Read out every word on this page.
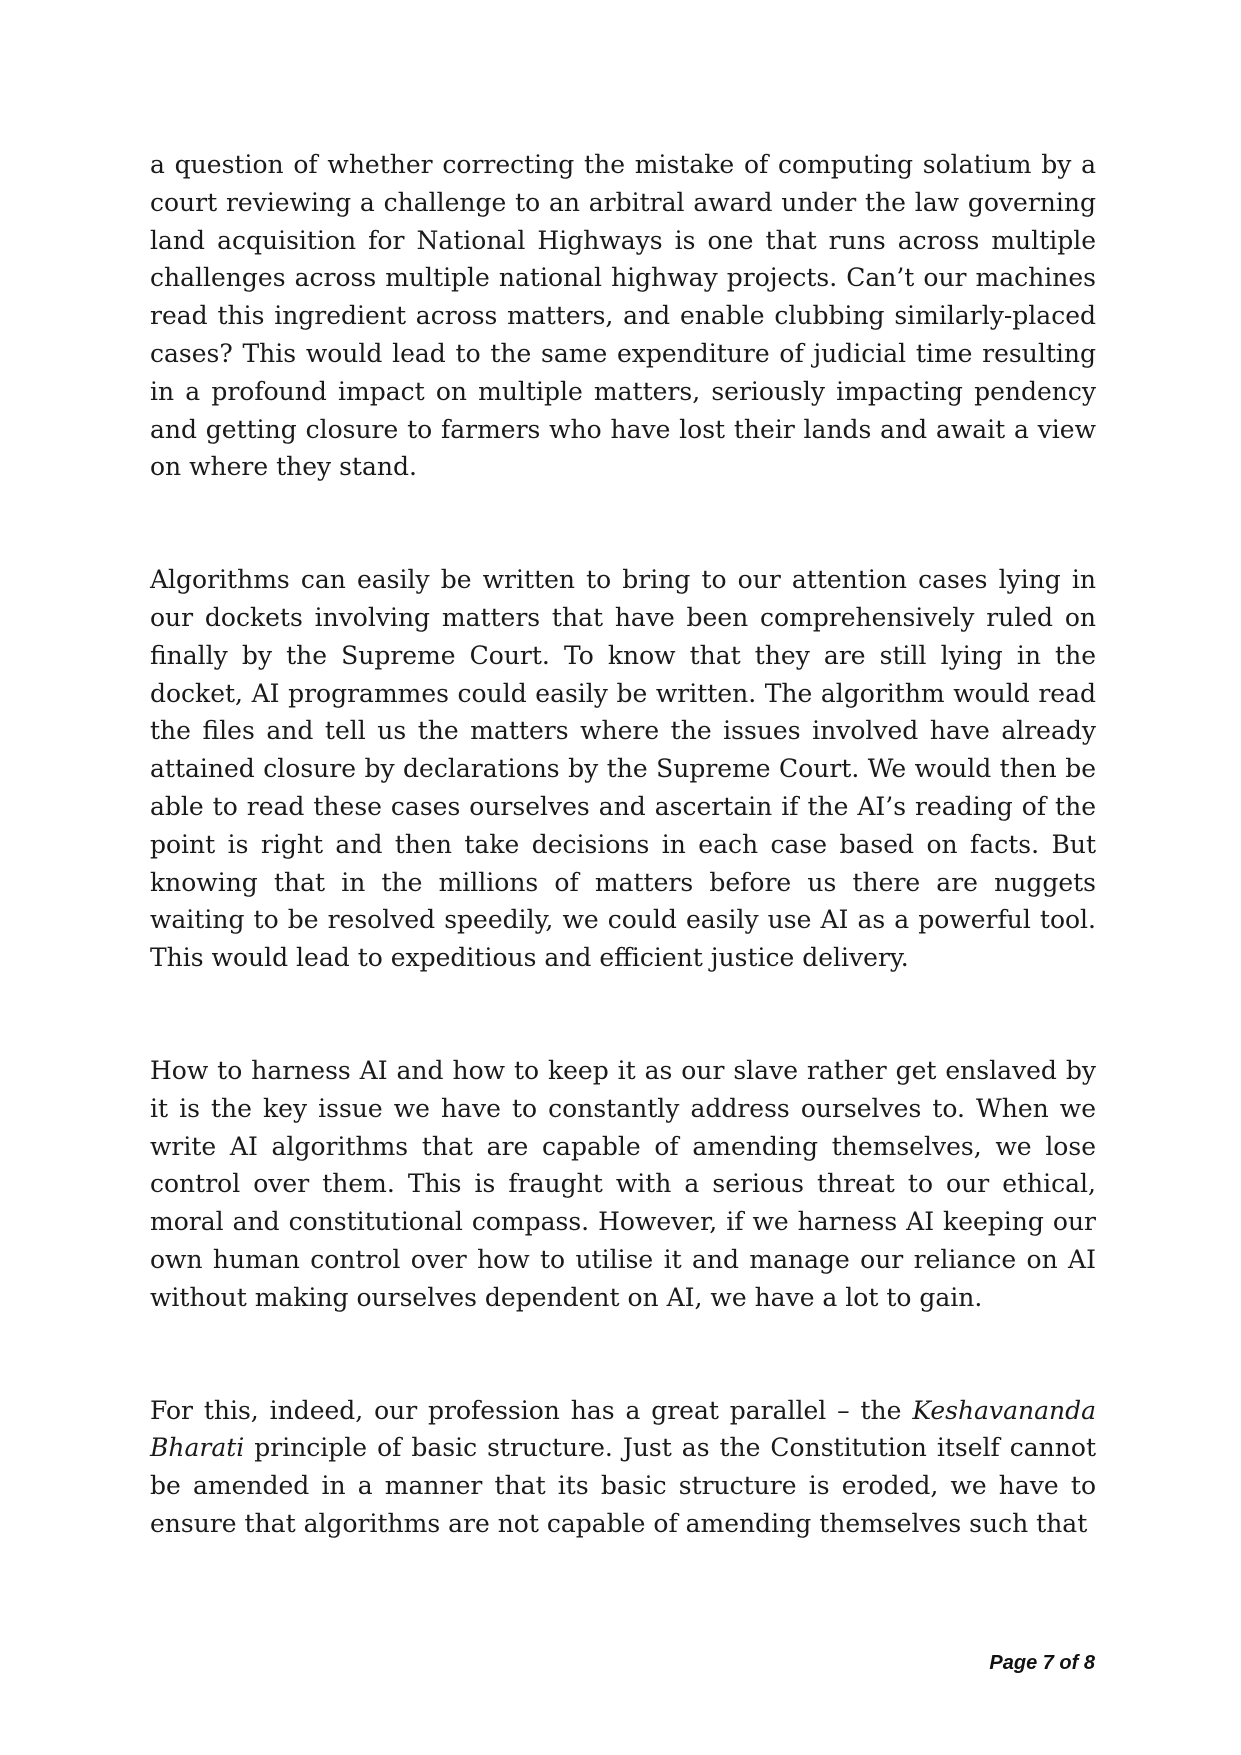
a question of whether correcting the mistake of computing solatium by a court reviewing a challenge to an arbitral award under the law governing land acquisition for National Highways is one that runs across multiple challenges across multiple national highway projects. Can’t our machines read this ingredient across matters, and enable clubbing similarly-placed cases? This would lead to the same expenditure of judicial time resulting in a profound impact on multiple matters, seriously impacting pendency and getting closure to farmers who have lost their lands and await a view on where they stand.

Algorithms can easily be written to bring to our attention cases lying in our dockets involving matters that have been comprehensively ruled on finally by the Supreme Court. To know that they are still lying in the docket, AI programmes could easily be written. The algorithm would read the files and tell us the matters where the issues involved have already attained closure by declarations by the Supreme Court. We would then be able to read these cases ourselves and ascertain if the AI’s reading of the point is right and then take decisions in each case based on facts. But knowing that in the millions of matters before us there are nuggets waiting to be resolved speedily, we could easily use AI as a powerful tool. This would lead to expeditious and efficient justice delivery.

How to harness AI and how to keep it as our slave rather get enslaved by it is the key issue we have to constantly address ourselves to. When we write AI algorithms that are capable of amending themselves, we lose control over them. This is fraught with a serious threat to our ethical, moral and constitutional compass. However, if we harness AI keeping our own human control over how to utilise it and manage our reliance on AI without making ourselves dependent on AI, we have a lot to gain.

For this, indeed, our profession has a great parallel – the Keshavananda Bharati principle of basic structure. Just as the Constitution itself cannot be amended in a manner that its basic structure is eroded, we have to ensure that algorithms are not capable of amending themselves such that

Page 7 of 8
